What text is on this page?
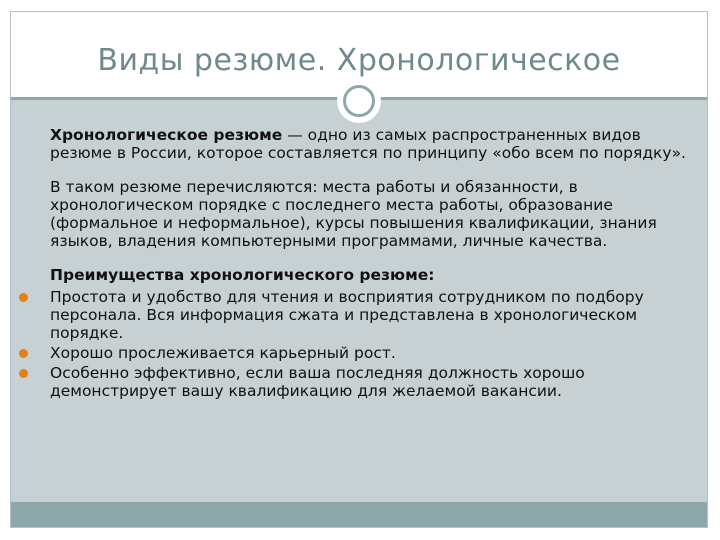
Виды резюме. Хронологическое

Хронологическое резюме — одно из самых распространенных видов резюме в России, которое составляется по принципу «обо всем по порядку».

В таком резюме перечисляются: места работы и обязанности, в хронологическом порядке с последнего места работы, образование (формальное и неформальное), курсы повышения квалификации, знания языков, владения компьютерными программами, личные качества.

Преимущества хронологического резюме:

Простота и удобство для чтения и восприятия сотрудником по подбору персонала. Вся информация сжата и представлена в хронологическом порядке.
Хорошо прослеживается карьерный рост.
Особенно эффективно, если ваша последняя должность хорошо демонстрирует вашу квалификацию для желаемой вакансии.
